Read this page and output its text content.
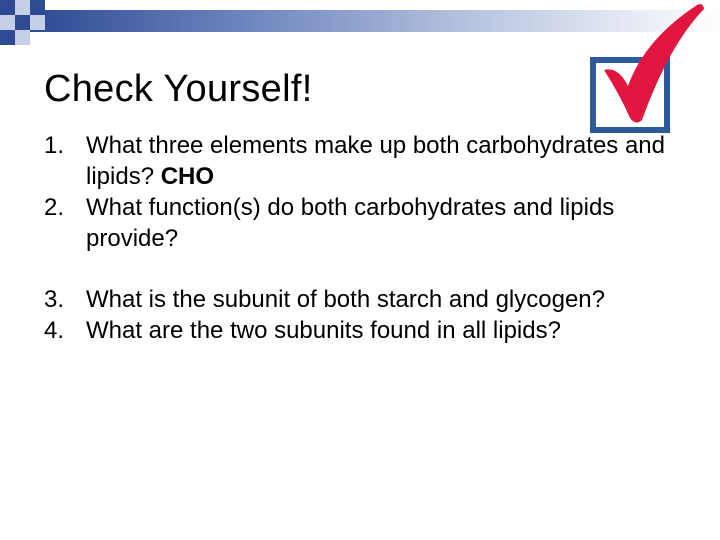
Check Yourself!
1. What three elements make up both carbohydrates and lipids? CHO
2. What function(s) do both carbohydrates and lipids provide?
3. What is the subunit of both starch and glycogen?
4. What are the two subunits found in all lipids?
